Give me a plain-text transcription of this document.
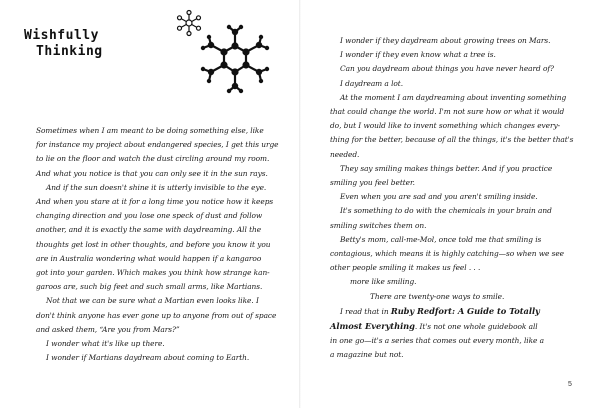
Wishfully
Thinking

Sometimes when I am meant to be doing something else, like

for instance my project about endangered species, I get this urge

to lie on the floor and watch the dust circling around my room.

And what you notice is that you can only see it in the sun rays.

And if the sun doesn't shine it is utterly invisible to the eye.

And when you stare at it for a long time you notice how it keeps

changing direction and you lose one speck of dust and follow

another, and it is exactly the same with daydreaming. All the

thoughts get lost in other thoughts, and before you know it you

are in Australia wondering what would happen if a kangaroo

got into your garden. Which makes you think how strange kan-

garoos are, such big feet and such small arms, like Martians.

Not that we can be sure what a Martian even looks like. I

don't think anyone has ever gone up to anyone from out of space

and asked them, “Are you from Mars?”

I wonder what it's like up there.

I wonder if Martians daydream about coming to Earth.

I wonder if they daydream about growing trees on Mars.

I wonder if they even know what a tree is.

Can you daydream about things you have never heard of?

I daydream a lot.

At the moment I am daydreaming about inventing something

that could change the world. I'm not sure how or what it would

do, but I would like to invent something which changes every-

thing for the better, because of all the things, it's the better that's

needed.

They say smiling makes things better. And if you practice

smiling you feel better.

Even when you are sad and you aren't smiling inside.

It's something to do with the chemicals in your brain and

smiling switches them on.

Betty's mom, call-me-Mol, once told me that smiling is

contagious, which means it is highly catching—so when we see

other people smiling it makes us feel . . .

more like smiling.

There are twenty-one ways to smile.

I read that in Ruby Redfort: A Guide to Totally

Almost Everything. It's not one whole guidebook all

in one go—it's a series that comes out every month, like a

a magazine but not.

5
